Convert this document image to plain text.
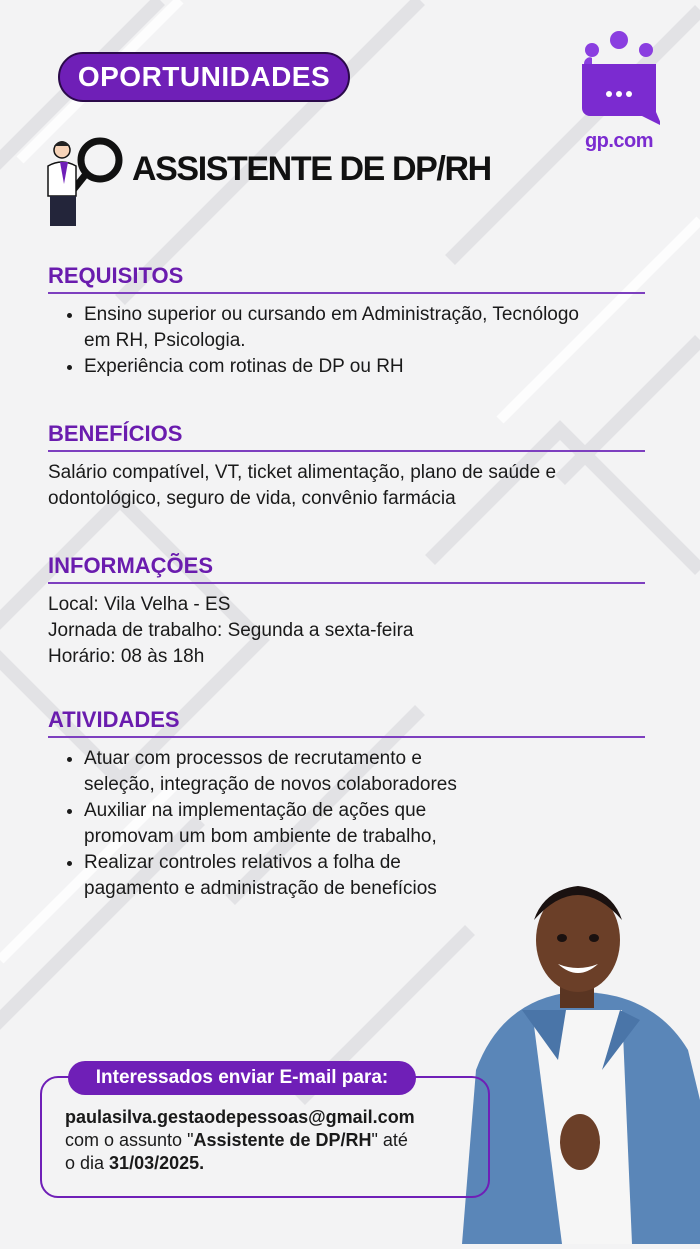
OPORTUNIDADES
gp.com
ASSISTENTE DE DP/RH
REQUISITOS
• Ensino superior ou cursando em Administração, Tecnólogo
em RH, Psicologia.
• Experiência com rotinas de DP ou RH
BENEFÍCIOS
Salário compatível, VT, ticket alimentação, plano de saúde e
odontológico, seguro de vida, convênio farmácia
INFORMAÇÕES
Local: Vila Velha - ES
Jornada de trabalho: Segunda a sexta-feira
Horário: 08 às 18h
ATIVIDADES
• Atuar com processos de recrutamento e
seleção, integração de novos colaboradores
• Auxiliar na implementação de ações que
promovam um bom ambiente de trabalho,
• Realizar controles relativos a folha de
pagamento e administração de benefícios
Interessados enviar E-mail para:
paulasilva.gestaodepessoas@gmail.com
com o assunto "Assistente de DP/RH" até
o dia 31/03/2025.
